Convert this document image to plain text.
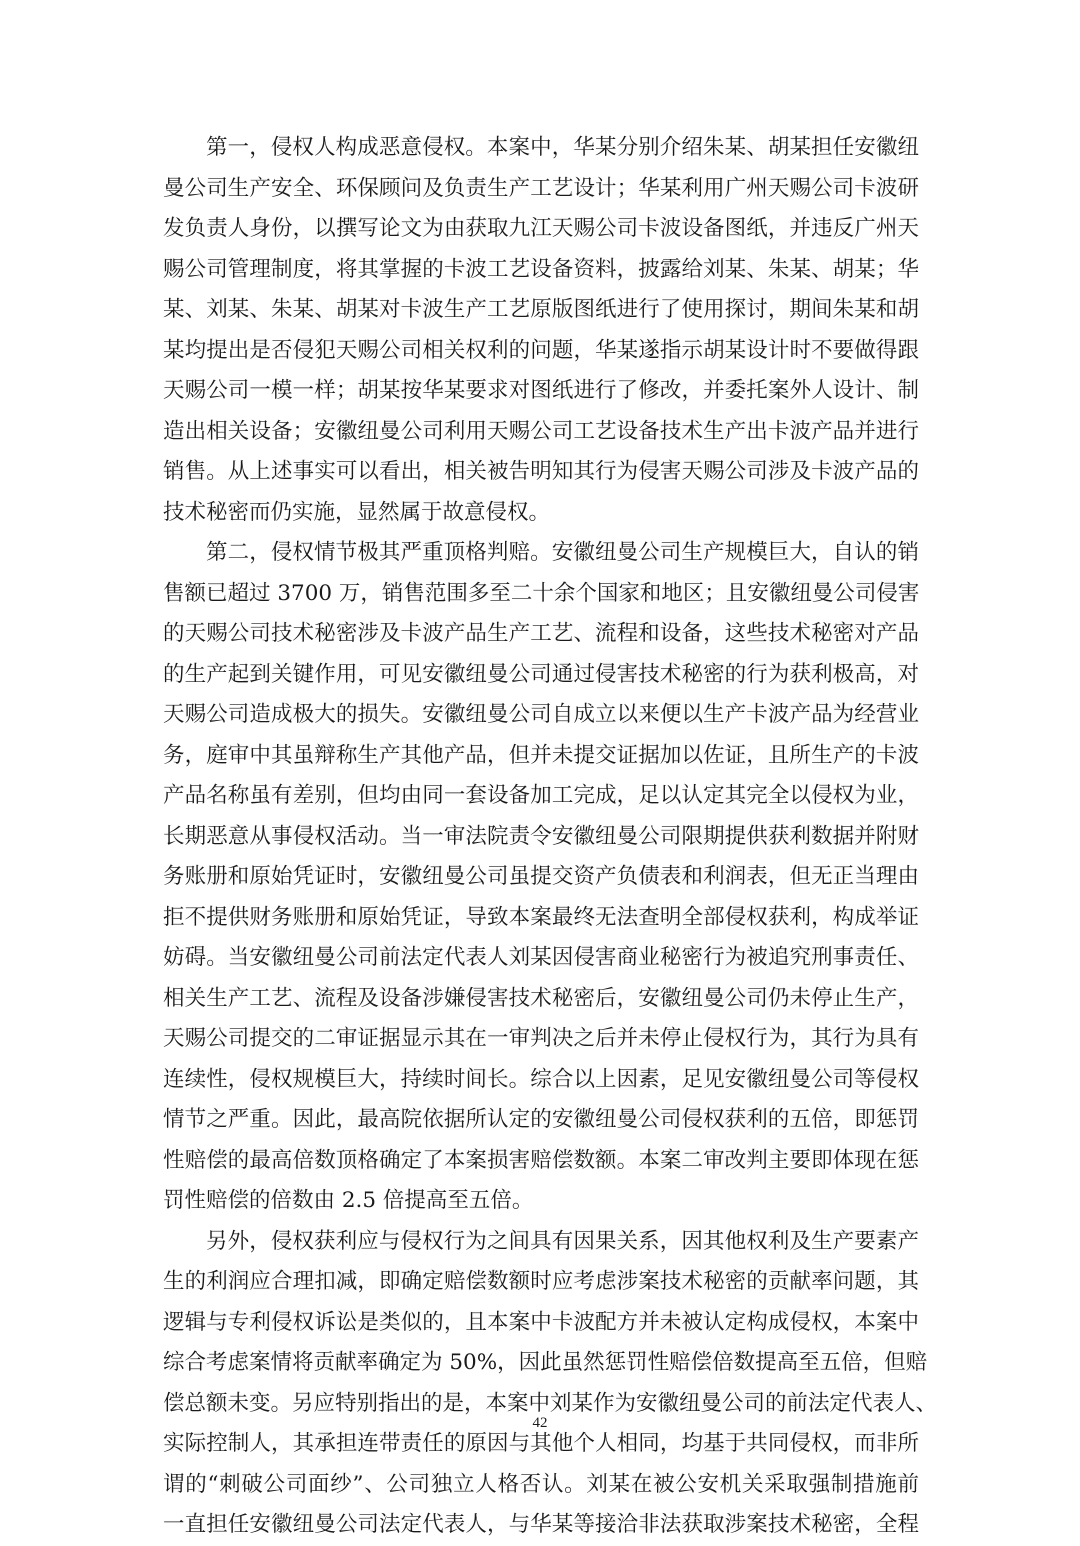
第一，侵权人构成恶意侵权。本案中，华某分别介绍朱某、胡某担任安徽纽
曼公司生产安全、环保顾问及负责生产工艺设计；华某利用广州天赐公司卡波研
发负责人身份，以撰写论文为由获取九江天赐公司卡波设备图纸，并违反广州天
赐公司管理制度，将其掌握的卡波工艺设备资料，披露给刘某、朱某、胡某；华
某、刘某、朱某、胡某对卡波生产工艺原版图纸进行了使用探讨，期间朱某和胡
某均提出是否侵犯天赐公司相关权利的问题，华某遂指示胡某设计时不要做得跟
天赐公司一模一样；胡某按华某要求对图纸进行了修改，并委托案外人设计、制
造出相关设备；安徽纽曼公司利用天赐公司工艺设备技术生产出卡波产品并进行
销售。从上述事实可以看出，相关被告明知其行为侵害天赐公司涉及卡波产品的
技术秘密而仍实施，显然属于故意侵权。
第二，侵权情节极其严重顶格判赔。安徽纽曼公司生产规模巨大，自认的销
售额已超过 3700 万，销售范围多至二十余个国家和地区；且安徽纽曼公司侵害
的天赐公司技术秘密涉及卡波产品生产工艺、流程和设备，这些技术秘密对产品
的生产起到关键作用，可见安徽纽曼公司通过侵害技术秘密的行为获利极高，对
天赐公司造成极大的损失。安徽纽曼公司自成立以来便以生产卡波产品为经营业
务，庭审中其虽辩称生产其他产品，但并未提交证据加以佐证，且所生产的卡波
产品名称虽有差别，但均由同一套设备加工完成，足以认定其完全以侵权为业，
长期恶意从事侵权活动。当一审法院责令安徽纽曼公司限期提供获利数据并附财
务账册和原始凭证时，安徽纽曼公司虽提交资产负债表和利润表，但无正当理由
拒不提供财务账册和原始凭证，导致本案最终无法查明全部侵权获利，构成举证
妨碍。当安徽纽曼公司前法定代表人刘某因侵害商业秘密行为被追究刑事责任、
相关生产工艺、流程及设备涉嫌侵害技术秘密后，安徽纽曼公司仍未停止生产，
天赐公司提交的二审证据显示其在一审判决之后并未停止侵权行为，其行为具有
连续性，侵权规模巨大，持续时间长。综合以上因素，足见安徽纽曼公司等侵权
情节之严重。因此，最高院依据所认定的安徽纽曼公司侵权获利的五倍，即惩罚
性赔偿的最高倍数顶格确定了本案损害赔偿数额。本案二审改判主要即体现在惩
罚性赔偿的倍数由 2.5 倍提高至五倍。
另外，侵权获利应与侵权行为之间具有因果关系，因其他权利及生产要素产
生的利润应合理扣减，即确定赔偿数额时应考虑涉案技术秘密的贡献率问题，其
逻辑与专利侵权诉讼是类似的，且本案中卡波配方并未被认定构成侵权，本案中
综合考虑案情将贡献率确定为 50%，因此虽然惩罚性赔偿倍数提高至五倍，但赔
偿总额未变。另应特别指出的是，本案中刘某作为安徽纽曼公司的前法定代表人、
实际控制人，其承担连带责任的原因与其他个人相同，均基于共同侵权，而非所
谓的“刺破公司面纱”、公司独立人格否认。刘某在被公安机关采取强制措施前
一直担任安徽纽曼公司法定代表人，与华某等接洽非法获取涉案技术秘密，全程
42
